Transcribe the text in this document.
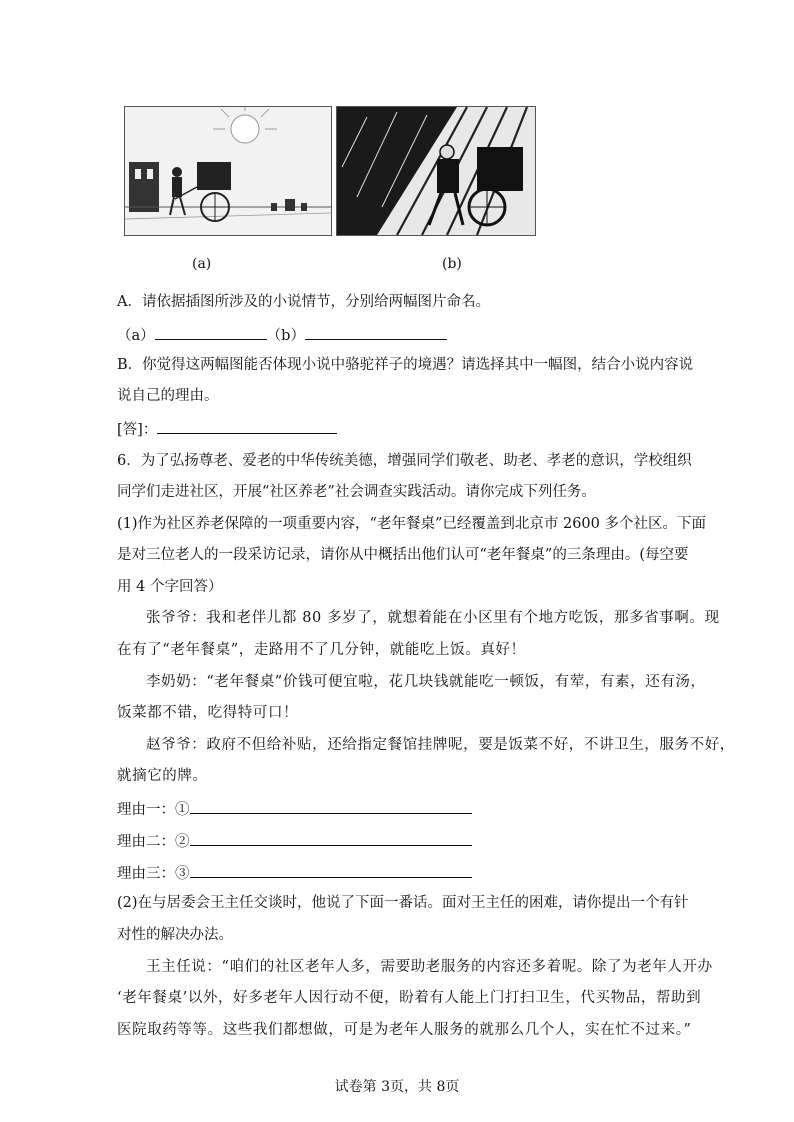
(a)	(b)
A．请依据插图所涉及的小说情节，分别给两幅图片命名。
（a）	（b）
B．你觉得这两幅图能否体现小说中骆驼祥子的境遇？请选择其中一幅图，结合小说内容说
说自己的理由。
[答]：
6．为了弘扬尊老、爱老的中华传统美德，增强同学们敬老、助老、孝老的意识，学校组织
同学们走进社区，开展“社区养老”社会调查实践活动。请你完成下列任务。
(1)作为社区养老保障的一项重要内容，“老年餐桌”已经覆盖到北京市 2600 多个社区。下面
是对三位老人的一段采访记录，请你从中概括出他们认可“老年餐桌”的三条理由。(每空要
用 4 个字回答）
张爷爷：我和老伴儿都 80 多岁了，就想着能在小区里有个地方吃饭，那多省事啊。现
在有了“老年餐桌”，走路用不了几分钟，就能吃上饭。真好！
李奶奶：“老年餐桌”价钱可便宜啦，花几块钱就能吃一顿饭，有荤，有素，还有汤，
饭菜都不错，吃得特可口！
赵爷爷：政府不但给补贴，还给指定餐馆挂牌呢，要是饭菜不好，不讲卫生，服务不好，
就摘它的牌。
理由一：①
理由二：②
理由三：③
(2)在与居委会王主任交谈时，他说了下面一番话。面对王主任的困难，请你提出一个有针
对性的解决办法。
王主任说：“咱们的社区老年人多，需要助老服务的内容还多着呢。除了为老年人开办
‘老年餐桌’以外，好多老年人因行动不便，盼着有人能上门打扫卫生，代买物品，帮助到
医院取药等等。这些我们都想做，可是为老年人服务的就那么几个人，实在忙不过来。”
试卷第 3页，共 8页
